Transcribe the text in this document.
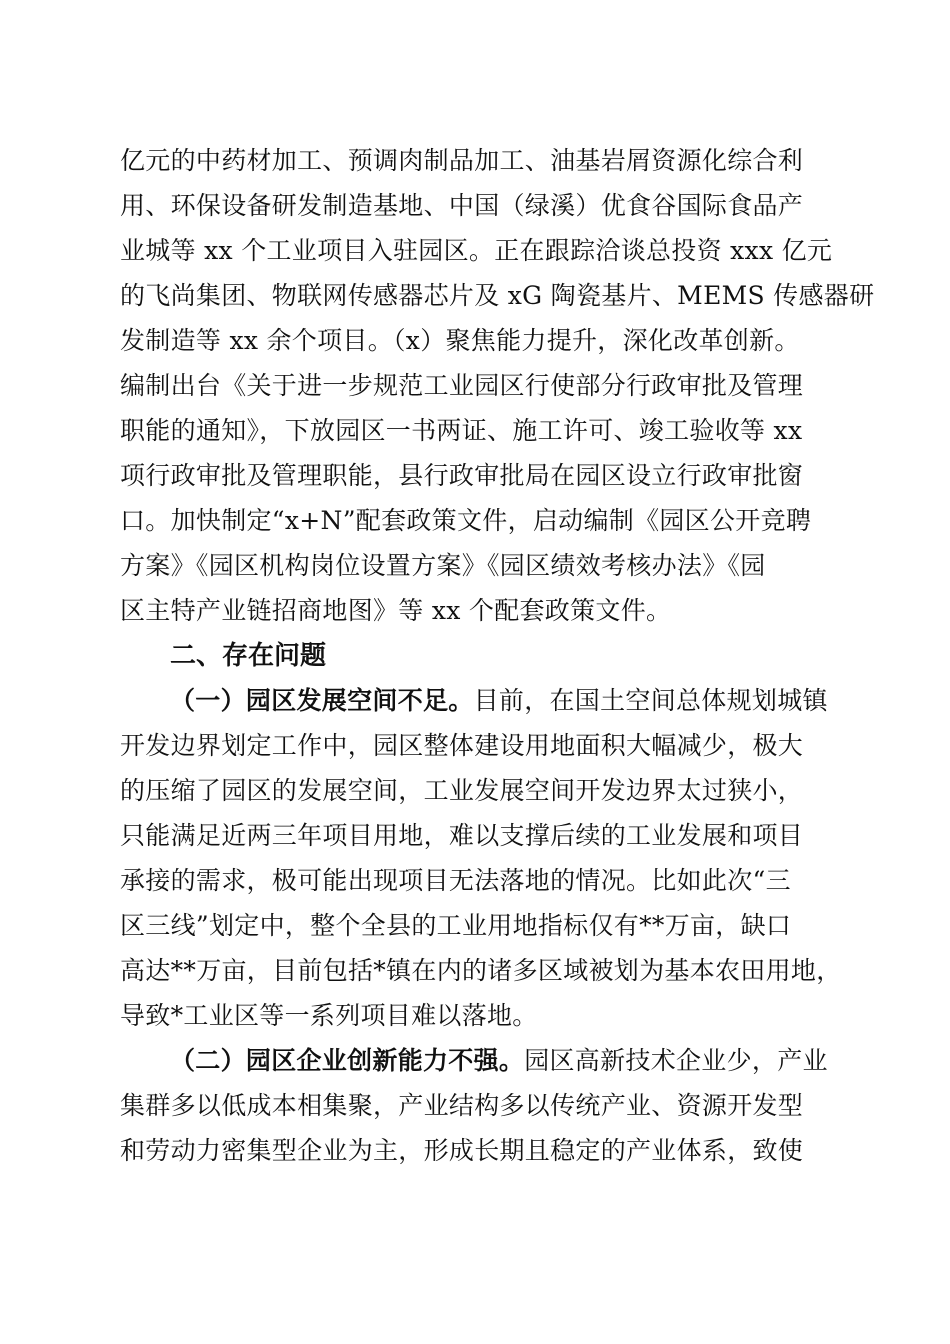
亿元的中药材加工、预调肉制品加工、油基岩屑资源化综合利
用、环保设备研发制造基地、中国（绿溪）优食谷国际食品产
业城等 xx 个工业项目入驻园区。正在跟踪洽谈总投资 xxx 亿元
的飞尚集团、物联网传感器芯片及 xG 陶瓷基片、MEMS 传感器研
发制造等 xx 余个项目。（x）聚焦能力提升，深化改革创新。
编制出台《关于进一步规范工业园区行使部分行政审批及管理
职能的通知》，下放园区一书两证、施工许可、竣工验收等 xx
项行政审批及管理职能，县行政审批局在园区设立行政审批窗
口。加快制定“x+N”配套政策文件，启动编制《园区公开竞聘
方案》《园区机构岗位设置方案》《园区绩效考核办法》《园
区主特产业链招商地图》等 xx 个配套政策文件。
二、存在问题
（一）园区发展空间不足。目前，在国土空间总体规划城镇
开发边界划定工作中，园区整体建设用地面积大幅减少，极大
的压缩了园区的发展空间，工业发展空间开发边界太过狭小，
只能满足近两三年项目用地，难以支撑后续的工业发展和项目
承接的需求，极可能出现项目无法落地的情况。比如此次“三
区三线”划定中，整个全县的工业用地指标仅有**万亩，缺口
高达**万亩，目前包括*镇在内的诸多区域被划为基本农田用地，
导致*工业区等一系列项目难以落地。
（二）园区企业创新能力不强。园区高新技术企业少，产业
集群多以低成本相集聚，产业结构多以传统产业、资源开发型
和劳动力密集型企业为主，形成长期且稳定的产业体系，致使
